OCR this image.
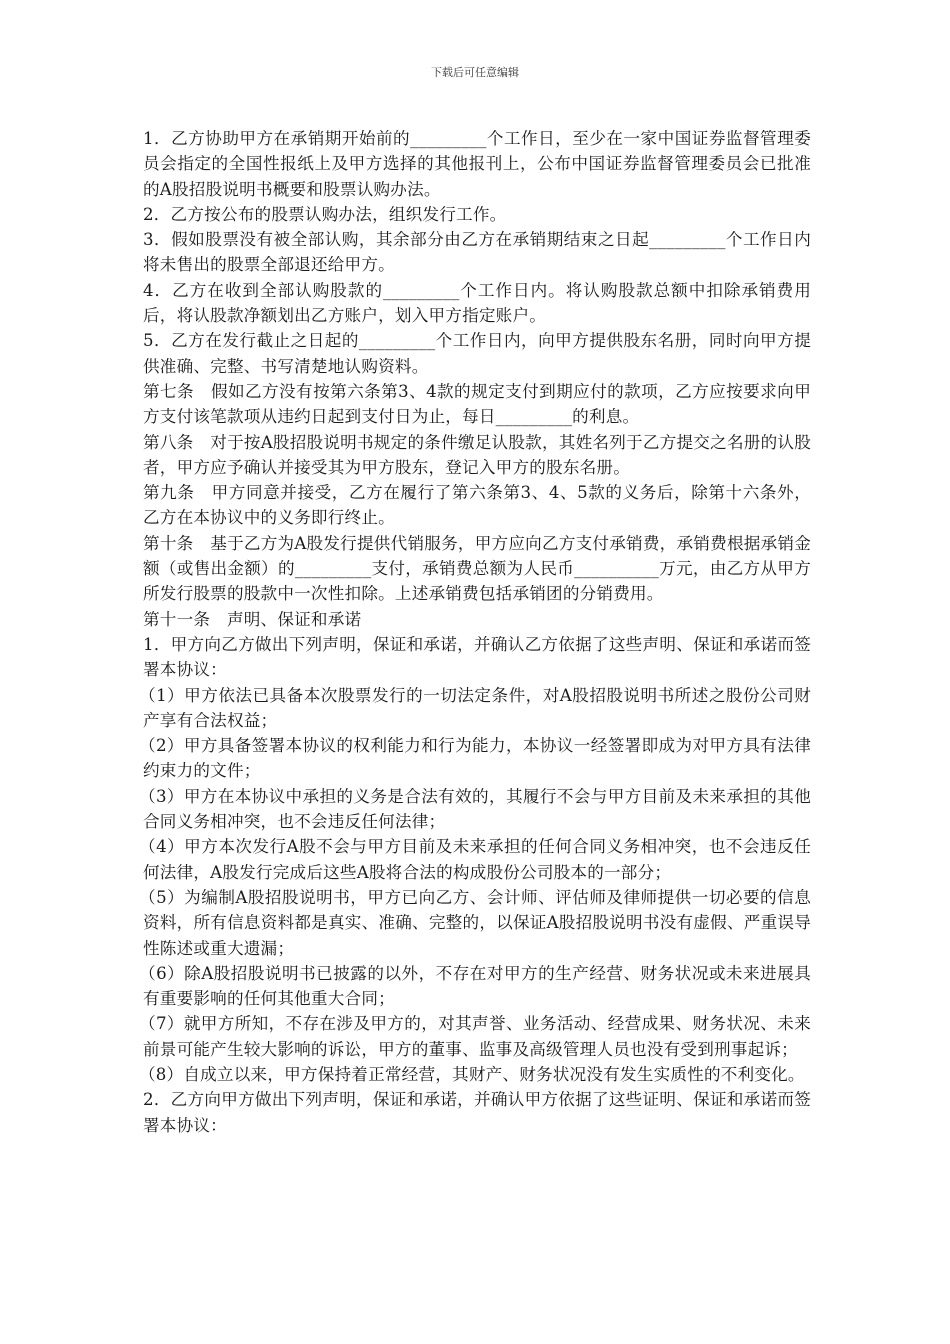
下载后可任意编辑

1．乙方协助甲方在承销期开始前的_________个工作日，至少在一家中国证券监督管理委员会指定的全国性报纸上及甲方选择的其他报刊上，公布中国证券监督管理委员会已批准的A股招股说明书概要和股票认购办法。

2．乙方按公布的股票认购办法，组织发行工作。

3．假如股票没有被全部认购，其余部分由乙方在承销期结束之日起_________个工作日内将未售出的股票全部退还给甲方。

4．乙方在收到全部认购股款的_________个工作日内。将认购股款总额中扣除承销费用后，将认股款净额划出乙方账户，划入甲方指定账户。

5．乙方在发行截止之日起的_________个工作日内，向甲方提供股东名册，同时向甲方提供准确、完整、书写清楚地认购资料。

第七条　假如乙方没有按第六条第3、4款的规定支付到期应付的款项，乙方应按要求向甲方支付该笔款项从违约日起到支付日为止，每日_________的利息。

第八条　对于按A股招股说明书规定的条件缴足认股款，其姓名列于乙方提交之名册的认股者，甲方应予确认并接受其为甲方股东，登记入甲方的股东名册。

第九条　甲方同意并接受，乙方在履行了第六条第3、4、5款的义务后，除第十六条外，乙方在本协议中的义务即行终止。

第十条　基于乙方为A股发行提供代销服务，甲方应向乙方支付承销费，承销费根据承销金额（或售出金额）的_________支付，承销费总额为人民币__________万元，由乙方从甲方所发行股票的股款中一次性扣除。上述承销费包括承销团的分销费用。

第十一条　声明、保证和承诺

1．甲方向乙方做出下列声明，保证和承诺，并确认乙方依据了这些声明、保证和承诺而签署本协议：

（1）甲方依法已具备本次股票发行的一切法定条件，对A股招股说明书所述之股份公司财产享有合法权益；

（2）甲方具备签署本协议的权利能力和行为能力，本协议一经签署即成为对甲方具有法律约束力的文件；

（3）甲方在本协议中承担的义务是合法有效的，其履行不会与甲方目前及未来承担的其他合同义务相冲突，也不会违反任何法律；

（4）甲方本次发行A股不会与甲方目前及未来承担的任何合同义务相冲突，也不会违反任何法律，A股发行完成后这些A股将合法的构成股份公司股本的一部分；

（5）为编制A股招股说明书，甲方已向乙方、会计师、评估师及律师提供一切必要的信息资料，所有信息资料都是真实、准确、完整的，以保证A股招股说明书没有虚假、严重误导性陈述或重大遗漏；

（6）除A股招股说明书已披露的以外，不存在对甲方的生产经营、财务状况或未来进展具有重要影响的任何其他重大合同；

（7）就甲方所知，不存在涉及甲方的，对其声誉、业务活动、经营成果、财务状况、未来前景可能产生较大影响的诉讼，甲方的董事、监事及高级管理人员也没有受到刑事起诉；

（8）自成立以来，甲方保持着正常经营，其财产、财务状况没有发生实质性的不利变化。

2．乙方向甲方做出下列声明，保证和承诺，并确认甲方依据了这些证明、保证和承诺而签署本协议：
